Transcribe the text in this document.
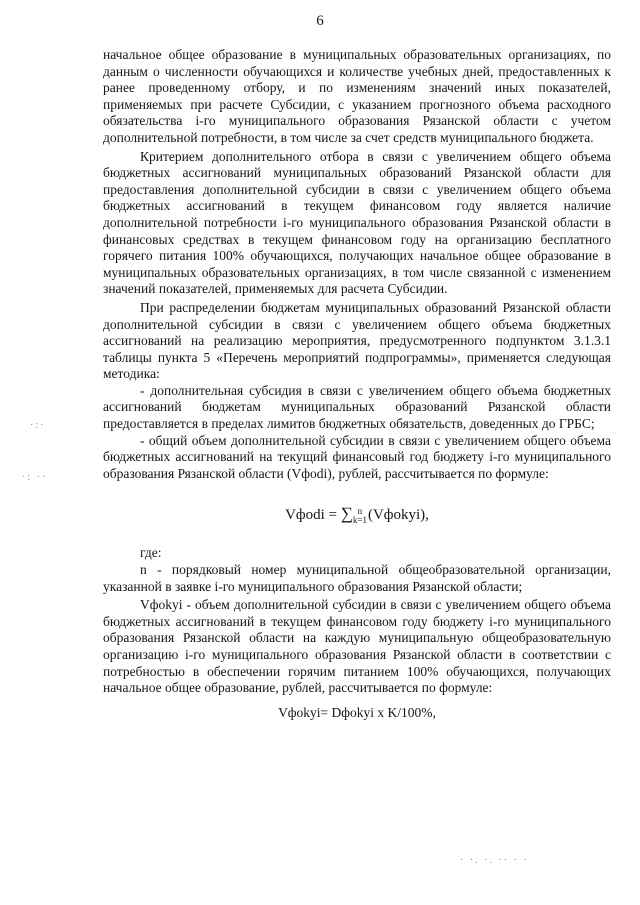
6

начальное общее образование в муниципальных образовательных организациях, по данным о численности обучающихся и количестве учебных дней, предоставленных к ранее проведенному отбору, и по изменениям значений иных показателей, применяемых при расчете Субсидии, с указанием прогнозного объема расходного обязательства i-го муниципального образования Рязанской области с учетом дополнительной потребности, в том числе за счет средств муниципального бюджета.

Критерием дополнительного отбора в связи с увеличением общего объема бюджетных ассигнований муниципальных образований Рязанской области для предоставления дополнительной субсидии в связи с увеличением общего объема бюджетных ассигнований в текущем финансовом году является наличие дополнительной потребности i-го муниципального образования Рязанской области в финансовых средствах в текущем финансовом году на организацию бесплатного горячего питания 100% обучающихся, получающих начальное общее образование в муниципальных образовательных организациях, в том числе связанной с изменением значений показателей, применяемых для расчета Субсидии.

При распределении бюджетам муниципальных образований Рязанской области дополнительной субсидии в связи с увеличением общего объема бюджетных ассигнований на реализацию мероприятия, предусмотренного подпунктом 3.1.3.1 таблицы пункта 5 «Перечень мероприятий подпрограммы», применяется следующая методика:

- дополнительная субсидия в связи с увеличением общего объема бюджетных ассигнований бюджетам муниципальных образований Рязанской области предоставляется в пределах лимитов бюджетных обязательств, доведенных до ГРБС;

- общий объем дополнительной субсидии в связи с увеличением общего объема бюджетных ассигнований на текущий финансовый год бюджету i-го муниципального образования Рязанской области (Vфodi), рублей, рассчитывается по формуле:

Vфodi = ∑ n
k=1 (Vфokyi),

где:

n - порядковый номер муниципальной общеобразовательной организации, указанной в заявке i-го муниципального образования Рязанской области;

Vфokyi - объем дополнительной субсидии в связи с увеличением общего объема бюджетных ассигнований в текущем финансовом году бюджету i-го муниципального образования Рязанской области на каждую муниципальную общеобразовательную организацию i-го муниципального образования Рязанской области в соответствии с потребностью в обеспечении горячим питанием 100% обучающихся, получающих начальное общее образование, рублей, рассчитывается по формуле:

Vфokyi= Dфokyi x K/100%,
·:·
·: ··
· ·. ·. ·· · ·
